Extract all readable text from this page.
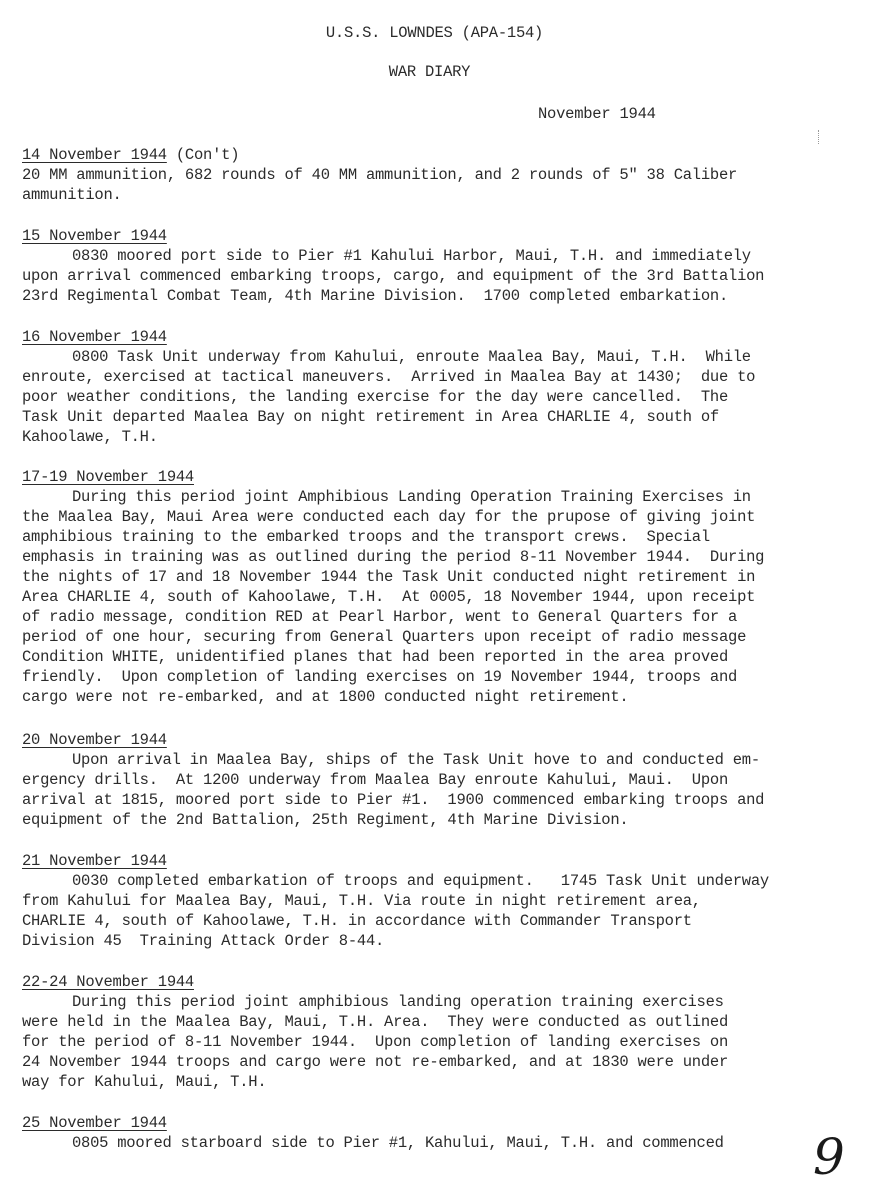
U.S.S. LOWNDES (APA-154)
WAR DIARY
November 1944
14 November 1944 (Con't)
20 MM ammunition, 682 rounds of 40 MM ammunition, and 2 rounds of 5" 38 Caliber
ammunition.
15 November 1944
0830 moored port side to Pier #1 Kahului Harbor, Maui, T.H. and immediately
upon arrival commenced embarking troops, cargo, and equipment of the 3rd Battalion
23rd Regimental Combat Team, 4th Marine Division.  1700 completed embarkation.
16 November 1944
0800 Task Unit underway from Kahului, enroute Maalea Bay, Maui, T.H.  While
enroute, exercised at tactical maneuvers.  Arrived in Maalea Bay at 1430;  due to
poor weather conditions, the landing exercise for the day were cancelled.  The
Task Unit departed Maalea Bay on night retirement in Area CHARLIE 4, south of
Kahoolawe, T.H.
17-19 November 1944
During this period joint Amphibious Landing Operation Training Exercises in
the Maalea Bay, Maui Area were conducted each day for the prupose of giving joint
amphibious training to the embarked troops and the transport crews.  Special
emphasis in training was as outlined during the period 8-11 November 1944.  During
the nights of 17 and 18 November 1944 the Task Unit conducted night retirement in
Area CHARLIE 4, south of Kahoolawe, T.H.  At 0005, 18 November 1944, upon receipt
of radio message, condition RED at Pearl Harbor, went to General Quarters for a
period of one hour, securing from General Quarters upon receipt of radio message
Condition WHITE, unidentified planes that had been reported in the area proved
friendly.  Upon completion of landing exercises on 19 November 1944, troops and
cargo were not re-embarked, and at 1800 conducted night retirement.
20 November 1944
Upon arrival in Maalea Bay, ships of the Task Unit hove to and conducted em-
ergency drills.  At 1200 underway from Maalea Bay enroute Kahului, Maui.  Upon
arrival at 1815, moored port side to Pier #1.  1900 commenced embarking troops and
equipment of the 2nd Battalion, 25th Regiment, 4th Marine Division.
21 November 1944
0030 completed embarkation of troops and equipment.   1745 Task Unit underway
from Kahului for Maalea Bay, Maui, T.H. Via route in night retirement area,
CHARLIE 4, south of Kahoolawe, T.H. in accordance with Commander Transport
Division 45  Training Attack Order 8-44.
22-24 November 1944
During this period joint amphibious landing operation training exercises
were held in the Maalea Bay, Maui, T.H. Area.  They were conducted as outlined
for the period of 8-11 November 1944.  Upon completion of landing exercises on
24 November 1944 troops and cargo were not re-embarked, and at 1830 were under
way for Kahului, Maui, T.H.
25 November 1944
0805 moored starboard side to Pier #1, Kahului, Maui, T.H. and commenced 9
